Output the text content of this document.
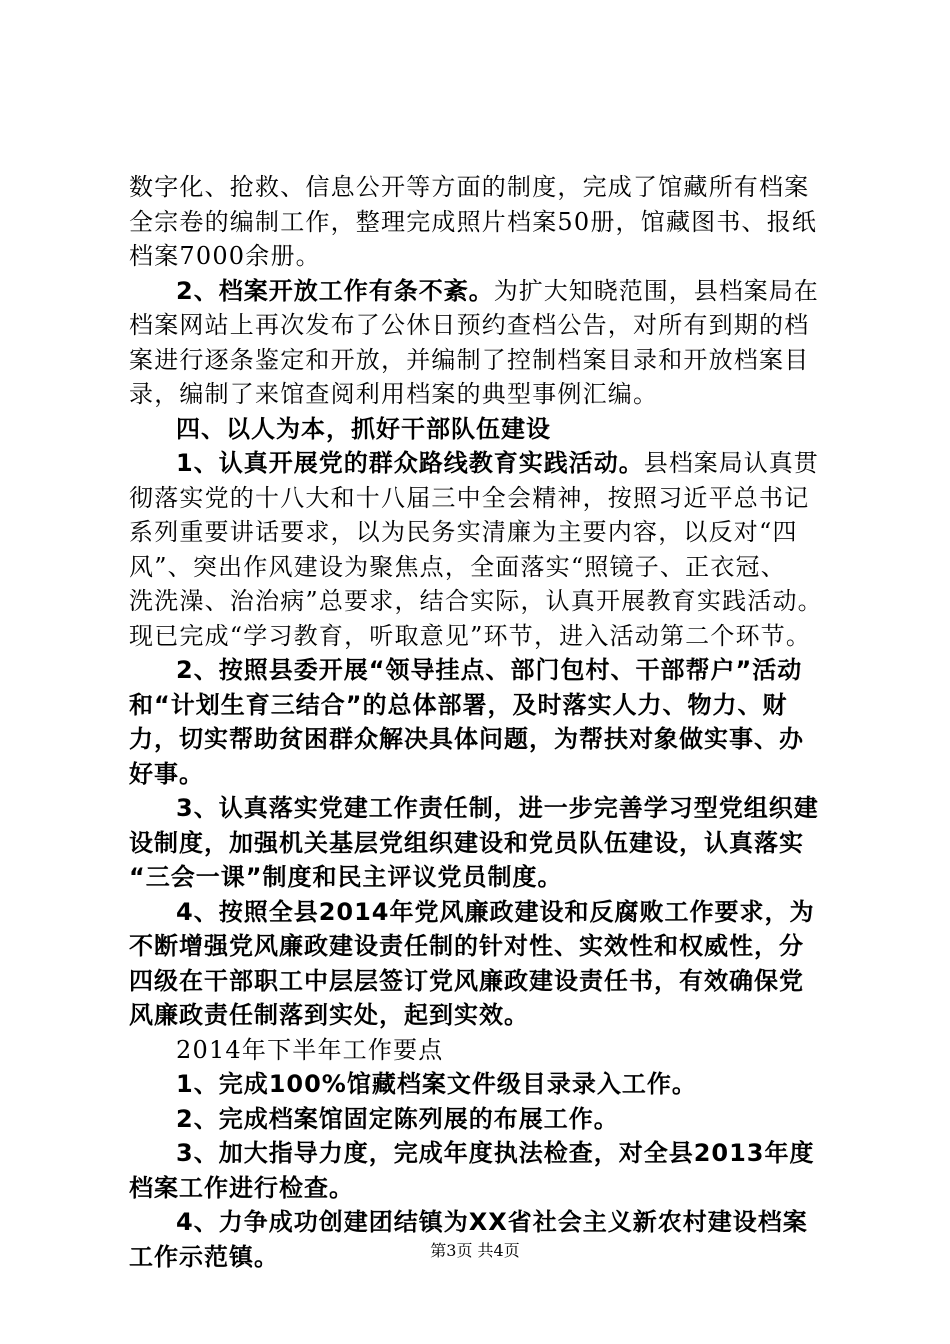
数字化、抢救、信息公开等方面的制度，完成了馆藏所有档案
全宗卷的编制工作，整理完成照片档案50册，馆藏图书、报纸
档案7000余册。
2、档案开放工作有条不紊。为扩大知晓范围，县档案局在
档案网站上再次发布了公休日预约查档公告，对所有到期的档
案进行逐条鉴定和开放，并编制了控制档案目录和开放档案目
录，编制了来馆查阅利用档案的典型事例汇编。
四、以人为本，抓好干部队伍建设
1、认真开展党的群众路线教育实践活动。县档案局认真贯
彻落实党的十八大和十八届三中全会精神，按照习近平总书记
系列重要讲话要求，以为民务实清廉为主要内容，以反对“四
风”、突出作风建设为聚焦点，全面落实“照镜子、正衣冠、
洗洗澡、治治病”总要求，结合实际，认真开展教育实践活动。
现已完成“学习教育，听取意见”环节，进入活动第二个环节。
2、按照县委开展“领导挂点、部门包村、干部帮户”活动
和“计划生育三结合”的总体部署，及时落实人力、物力、财
力，切实帮助贫困群众解决具体问题，为帮扶对象做实事、办
好事。
3、认真落实党建工作责任制，进一步完善学习型党组织建
设制度，加强机关基层党组织建设和党员队伍建设，认真落实
“三会一课”制度和民主评议党员制度。
4、按照全县2014年党风廉政建设和反腐败工作要求，为
不断增强党风廉政建设责任制的针对性、实效性和权威性，分
四级在干部职工中层层签订党风廉政建设责任书，有效确保党
风廉政责任制落到实处，起到实效。
2014年下半年工作要点
1、完成100%馆藏档案文件级目录录入工作。
2、完成档案馆固定陈列展的布展工作。
3、加大指导力度，完成年度执法检查，对全县2013年度
档案工作进行检查。
4、力争成功创建团结镇为XX省社会主义新农村建设档案
工作示范镇。	第3页 共4页
